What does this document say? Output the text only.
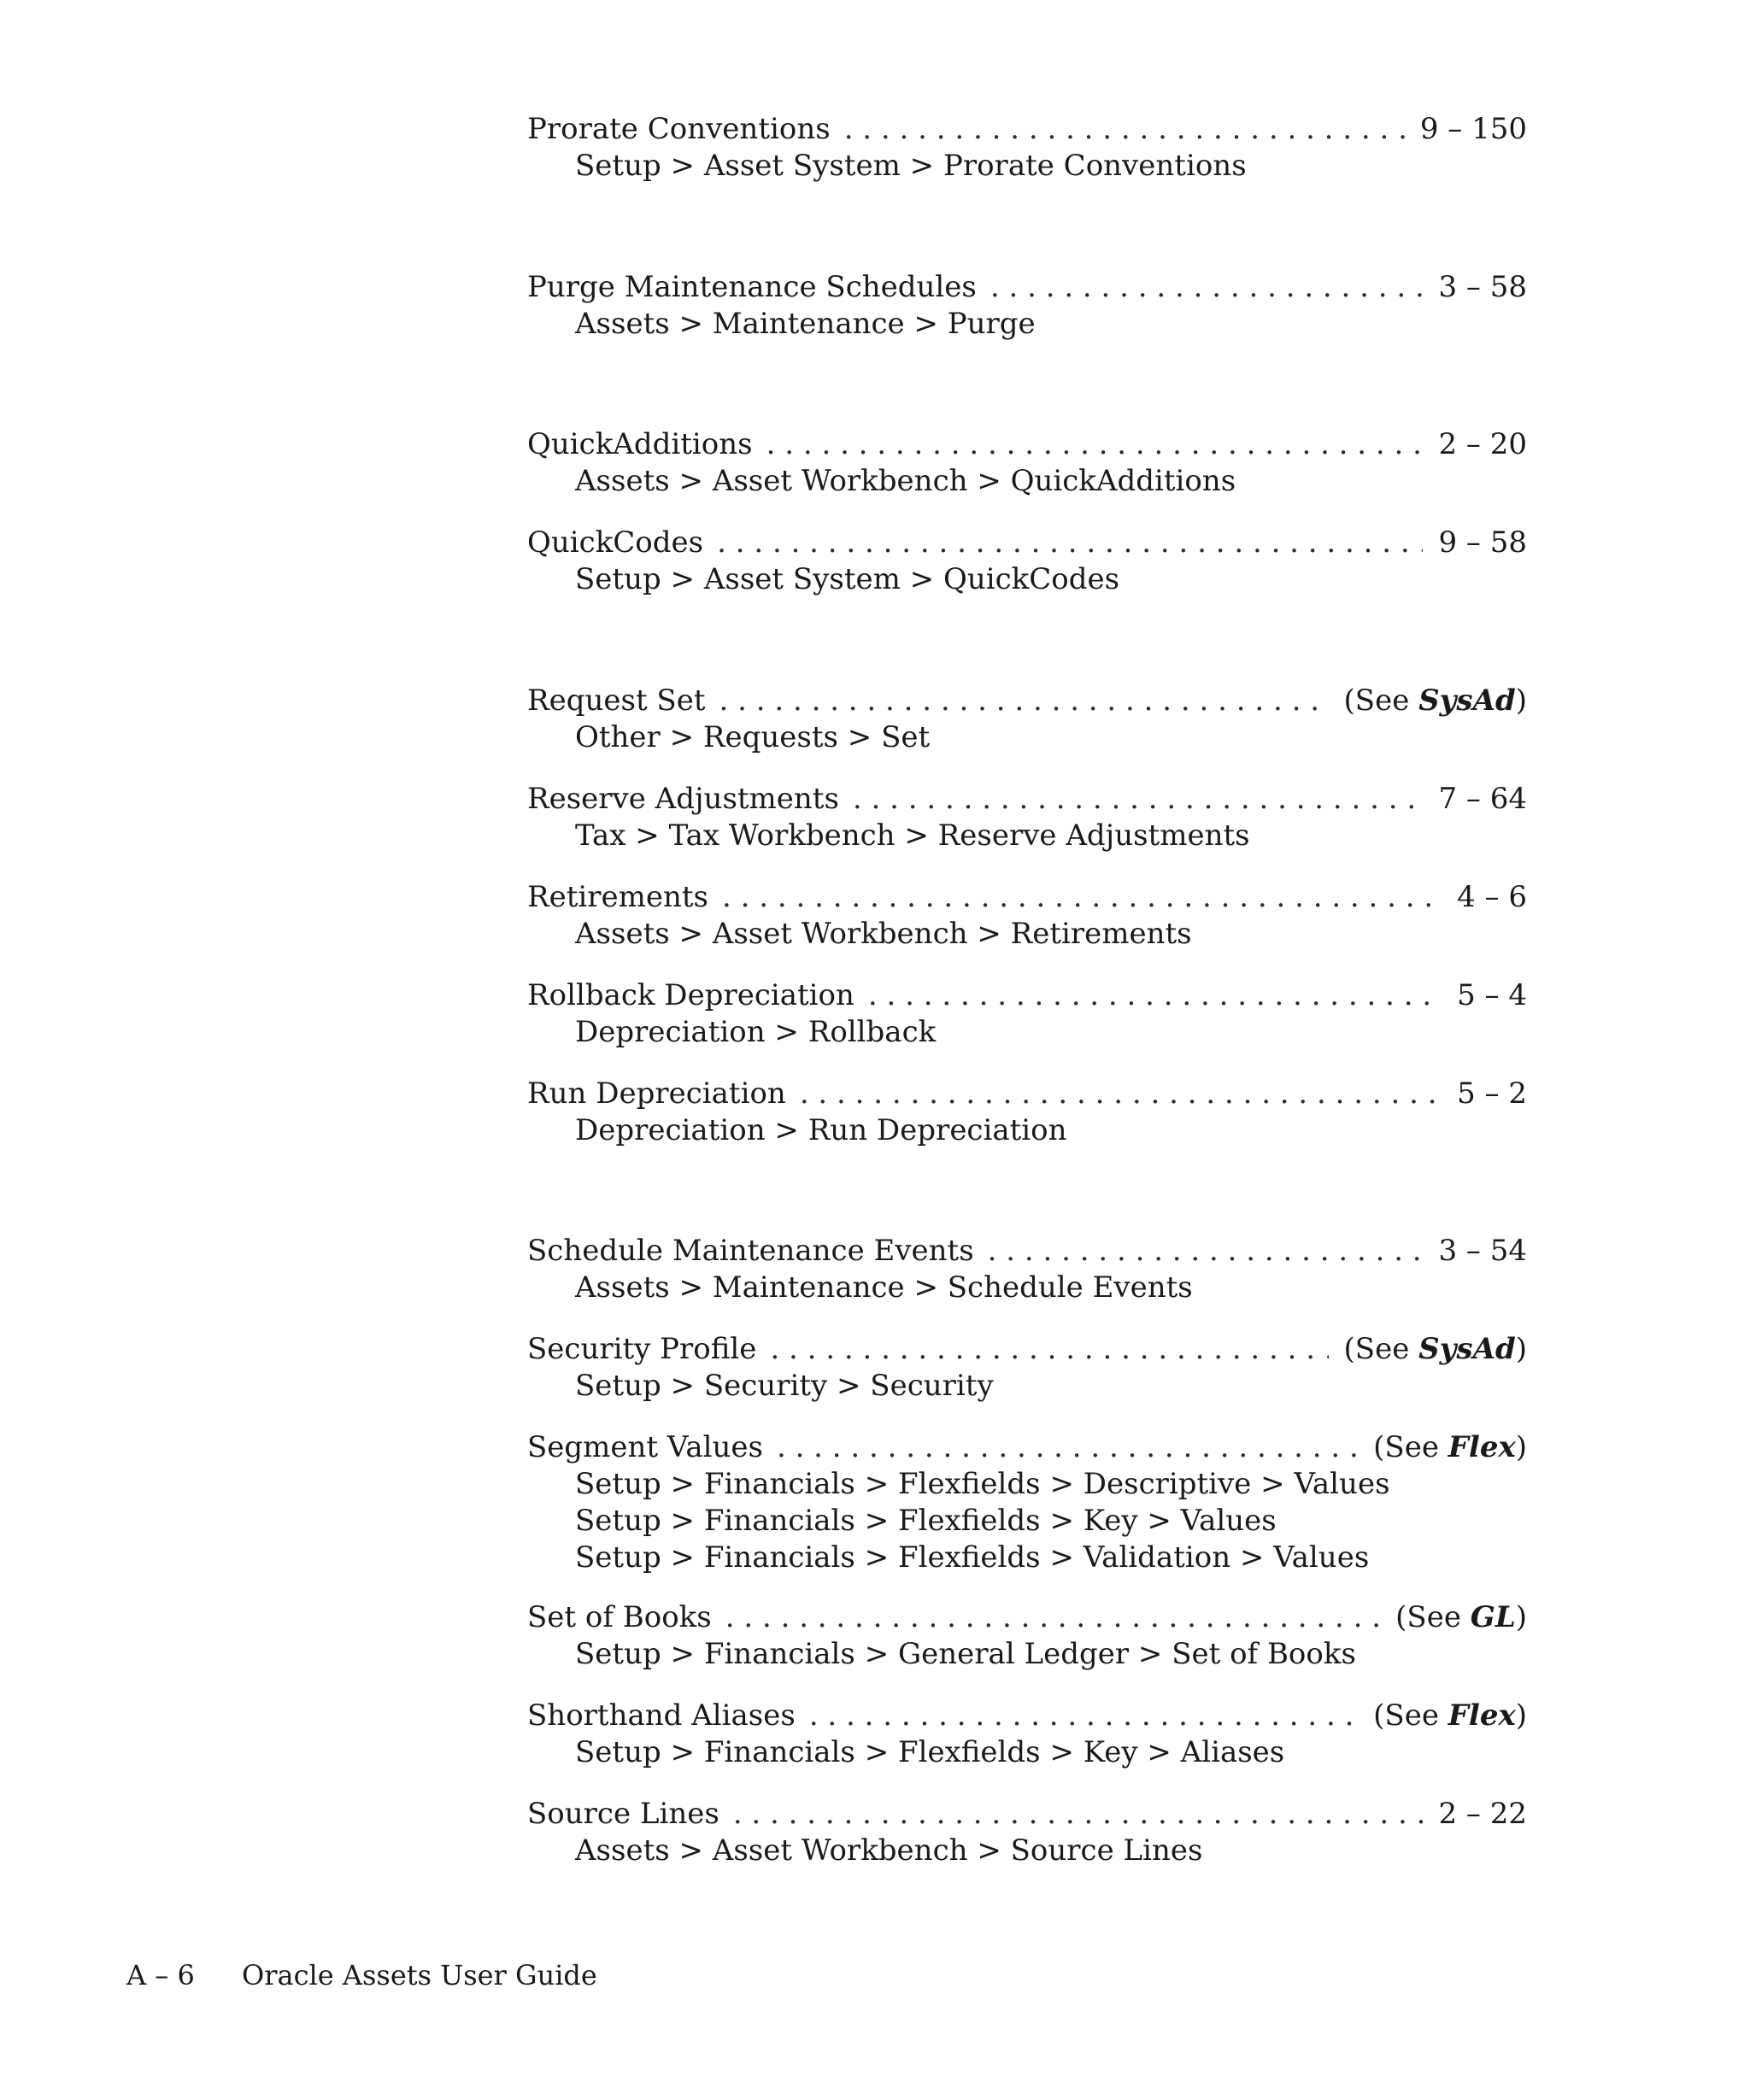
Prorate Conventions . . .	9 – 150
Setup > Asset System > Prorate Conventions
Purge Maintenance Schedules . . .	3 – 58
Assets > Maintenance > Purge
QuickAdditions . . .	2 – 20
Assets > Asset Workbench > QuickAdditions
QuickCodes . . .	9 – 58
Setup > Asset System > QuickCodes
Request Set . . .	(See SysAd)
Other > Requests > Set
Reserve Adjustments . . .	7 – 64
Tax > Tax Workbench > Reserve Adjustments
Retirements . . .	4 – 6
Assets > Asset Workbench > Retirements
Rollback Depreciation . . .	5 – 4
Depreciation > Rollback
Run Depreciation . . .	5 – 2
Depreciation > Run Depreciation
Schedule Maintenance Events . . .	3 – 54
Assets > Maintenance > Schedule Events
Security Profile . . .	(See SysAd)
Setup > Security > Security
Segment Values . . .	(See Flex)
Setup > Financials > Flexfields > Descriptive > Values
Setup > Financials > Flexfields > Key > Values
Setup > Financials > Flexfields > Validation > Values
Set of Books . . .	(See GL)
Setup > Financials > General Ledger > Set of Books
Shorthand Aliases . . .	(See Flex)
Setup > Financials > Flexfields > Key > Aliases
Source Lines . . .	2 – 22
Assets > Asset Workbench > Source Lines
A – 6 Oracle Assets User Guide
